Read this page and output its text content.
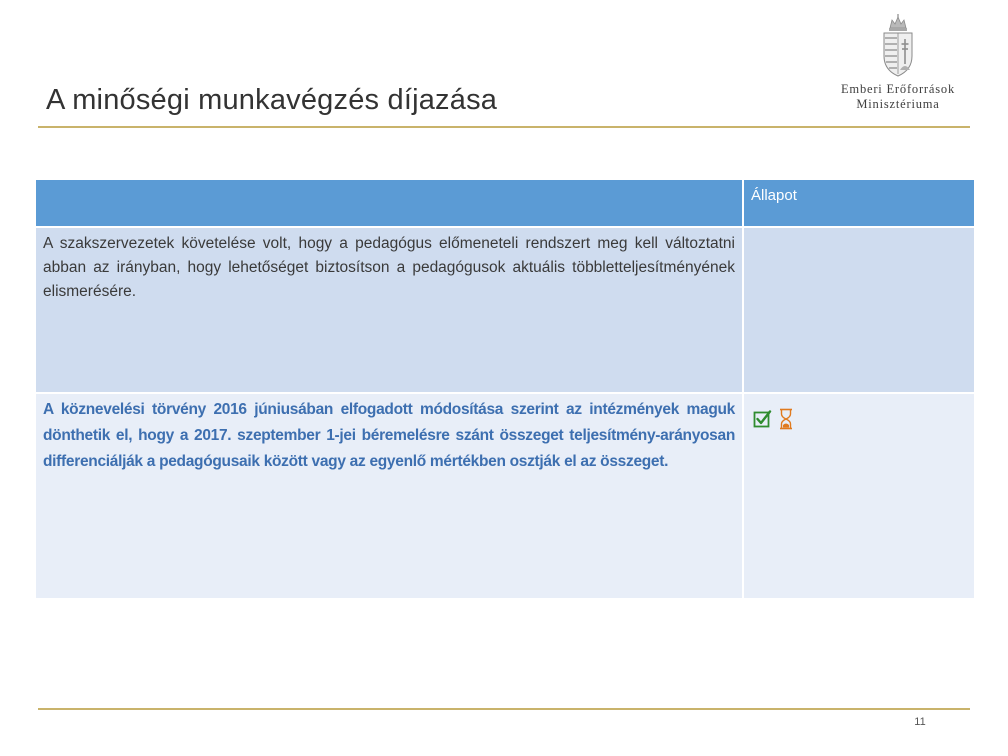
A minőségi munkavégzés díjazása	Emberi Erőforrások
Minisztériuma
Állapot
A szakszervezetek követelése volt, hogy a pedagógus előmeneteli rendszert meg kell változtatni abban az irányban, hogy lehetőséget biztosítson a pedagógusok aktuális többletteljesítményének elismerésére.
A köznevelési törvény 2016 júniusában elfogadott módosítása szerint az intézmények maguk dönthetik el, hogy a 2017. szeptember 1-jei béremelésre szánt összeget teljesítmény-arányosan differenciálják a pedagógusaik között vagy az egyenlő mértékben osztják el az összeget.
11
